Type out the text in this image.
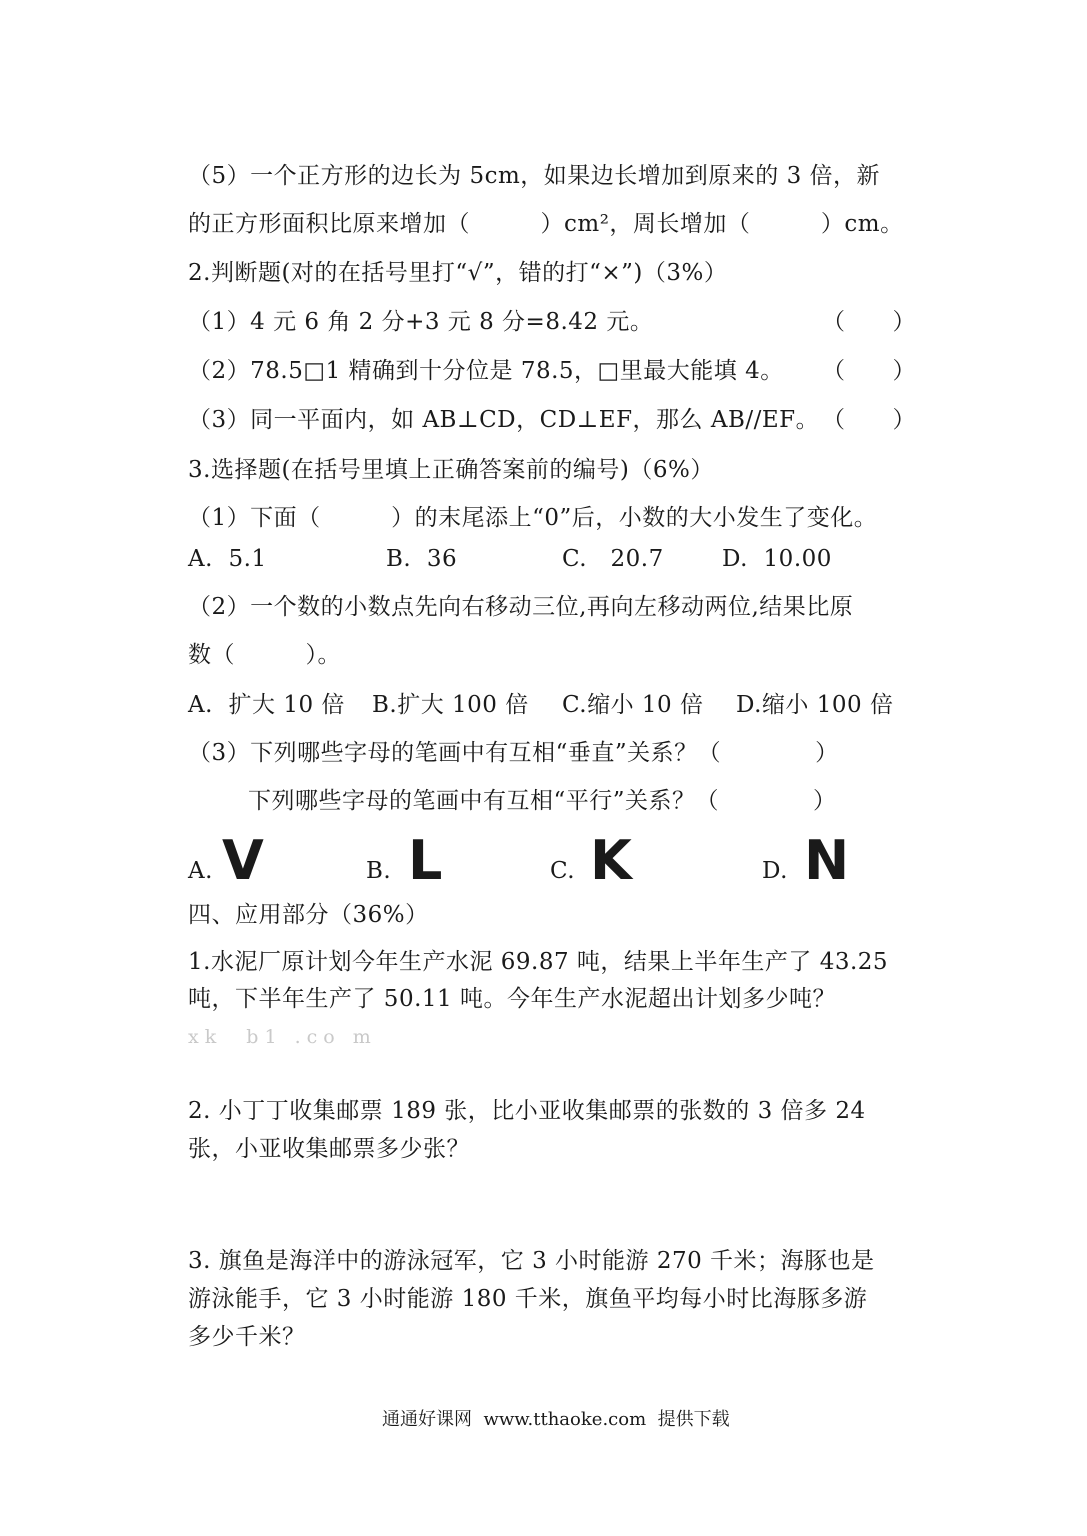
（5）一个正方形的边长为 5cm，如果边长增加到原来的 3 倍，新
的正方形面积比原来增加（　　　）cm²，周长增加（　　　）cm。
2.判断题(对的在括号里打“√”，错的打“×”)（3%）
（1）4 元 6 角 2 分+3 元 8 分=8.42 元。	（　　）
（2）78.5□1 精确到十分位是 78.5，□里最大能填 4。 （　　）
（3）同一平面内，如 AB⊥CD，CD⊥EF，那么 AB//EF。 （　　）
3.选择题(在括号里填上正确答案前的编号)（6%）
（1）下面（　　　）的末尾添上“0”后，小数的大小发生了变化。
A.  5.1	B.  36	C.   20.7	D.  10.00
（2）一个数的小数点先向右移动三位,再向左移动两位,结果比原
数（　　　）。
A.  扩大 10 倍 B.扩大 100 倍 C.缩小 10 倍 D.缩小 100 倍
（3）下列哪些字母的笔画中有互相“垂直”关系？（　　　　）
下列哪些字母的笔画中有互相“平行”关系？（　　　　）
A. V	B. L	C. K	D. N
四、应用部分（36%）
1.水泥厂原计划今年生产水泥 69.87 吨，结果上半年生产了 43.25
吨，下半年生产了 50.11 吨。今年生产水泥超出计划多少吨？
xk  b1 .co m
2. 小丁丁收集邮票 189 张，比小亚收集邮票的张数的 3 倍多 24
张，小亚收集邮票多少张？
3. 旗鱼是海洋中的游泳冠军，它 3 小时能游 270 千米；海豚也是
游泳能手，它 3 小时能游 180 千米，旗鱼平均每小时比海豚多游
多少千米？
通通好课网  www.tthaoke.com  提供下载
